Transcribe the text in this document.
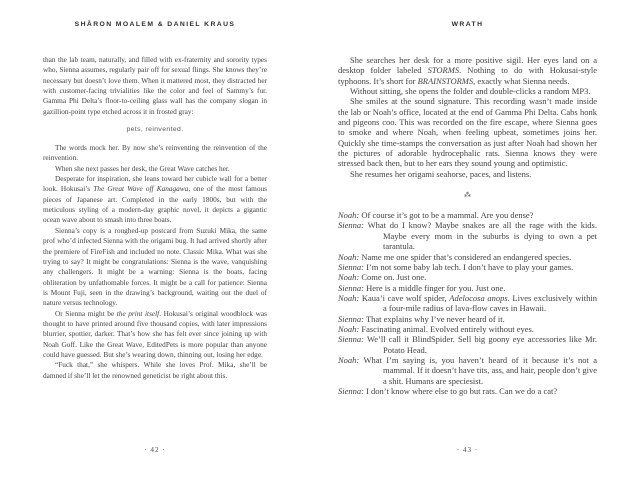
SHĀRON MOALEM & DANIEL KRAUS

than the lab team, naturally, and filled with ex-fraternity and sorority types who, Sienna assumes, regularly pair off for sexual flings. She knows they’re necessary but doesn’t love them. When it mattered most, they distracted her with customer-facing trivialities like the color and feel of Sammy’s fur. Gamma Phi Delta’s floor-to-ceiling glass wall has the company slogan in gazillion-point type etched across it in frosted gray:

pets, reinvented.

The words mock her. By now she’s reinventing the reinvention of the reinvention.

When she next passes her desk, the Great Wave catches her.

Desperate for inspiration, she leans toward her cubicle wall for a better look. Hokusai’s The Great Wave off Kanagawa, one of the most famous pieces of Japanese art. Completed in the early 1800s, but with the meticulous styling of a modern-day graphic novel, it depicts a gigantic ocean wave about to smash into three boats.

Sienna’s copy is a roughed-up postcard from Suzuki Mika, the same prof who’d infected Sienna with the origami bug. It had arrived shortly after the premiere of FireFish and included no note. Classic Mika. What was she trying to say? It might be congratulations: Sienna is the wave, vanquishing any challengers. It might be a warning: Sienna is the boats, facing obliteration by unfathomable forces. It might be a call for patience: Sienna is Mount Fuji, seen in the drawing’s background, waiting out the duel of nature versus technology.

Or Sienna might be the print itself. Hokusai’s original woodblock was thought to have printed around five thousand copies, with later impressions blurrier, spottier, darker. That’s how she has felt ever since joining up with Noah Goff. Like the Great Wave, EditedPets is more popular than anyone could have guessed. But she’s wearing down, thinning out, losing her edge.

“Fuck that,” she whispers. While she loves Prof. Mika, she’ll be damned if she’ll let the renowned geneticist be right about this.

· 42 ·
WRATH

She searches her desk for a more positive sigil. Her eyes land on a desktop folder labeled STORMS. Nothing to do with Hokusai-style typhoons. It’s short for BRAINSTORMS, exactly what Sienna needs.

Without sitting, she opens the folder and double-clicks a random MP3.

She smiles at the sound signature. This recording wasn’t made inside the lab or Noah’s office, located at the end of Gamma Phi Delta. Cabs honk and pigeons coo. This was recorded on the fire escape, where Sienna goes to smoke and where Noah, when feeling upbeat, sometimes joins her. Quickly she time-stamps the conversation as just after Noah had shown her the pictures of adorable hydrocephalic rats. Sienna knows they were stressed back then, but to her ears they sound young and optimistic.

She resumes her origami seahorse, paces, and listens.

⁂

Noah: Of course it’s got to be a mammal. Are you dense?

Sienna: What do I know? Maybe snakes are all the rage with the kids. Maybe every mom in the suburbs is dying to own a pet tarantula.

Noah: Name me one spider that’s considered an endangered species.

Sienna: I’m not some baby lab tech. I don’t have to play your games.

Noah: Come on. Just one.

Sienna: Here is a middle finger for you. Just one.

Noah: Kaua’i cave wolf spider, Adelocosa anops. Lives exclusively within a four-mile radius of lava-flow caves in Hawaii.

Sienna: That explains why I’ve never heard of it.

Noah: Fascinating animal. Evolved entirely without eyes.

Sienna: We’ll call it BlindSpider. Sell big goony eye accessories like Mr. Potato Head.

Noah: What I’m saying is, you haven’t heard of it because it’s not a mammal. If it doesn’t have tits, ass, and hair, people don’t give a shit. Humans are speciesist.

Sienna: I don’t know where else to go but rats. Can we do a cat?

· 43 ·
